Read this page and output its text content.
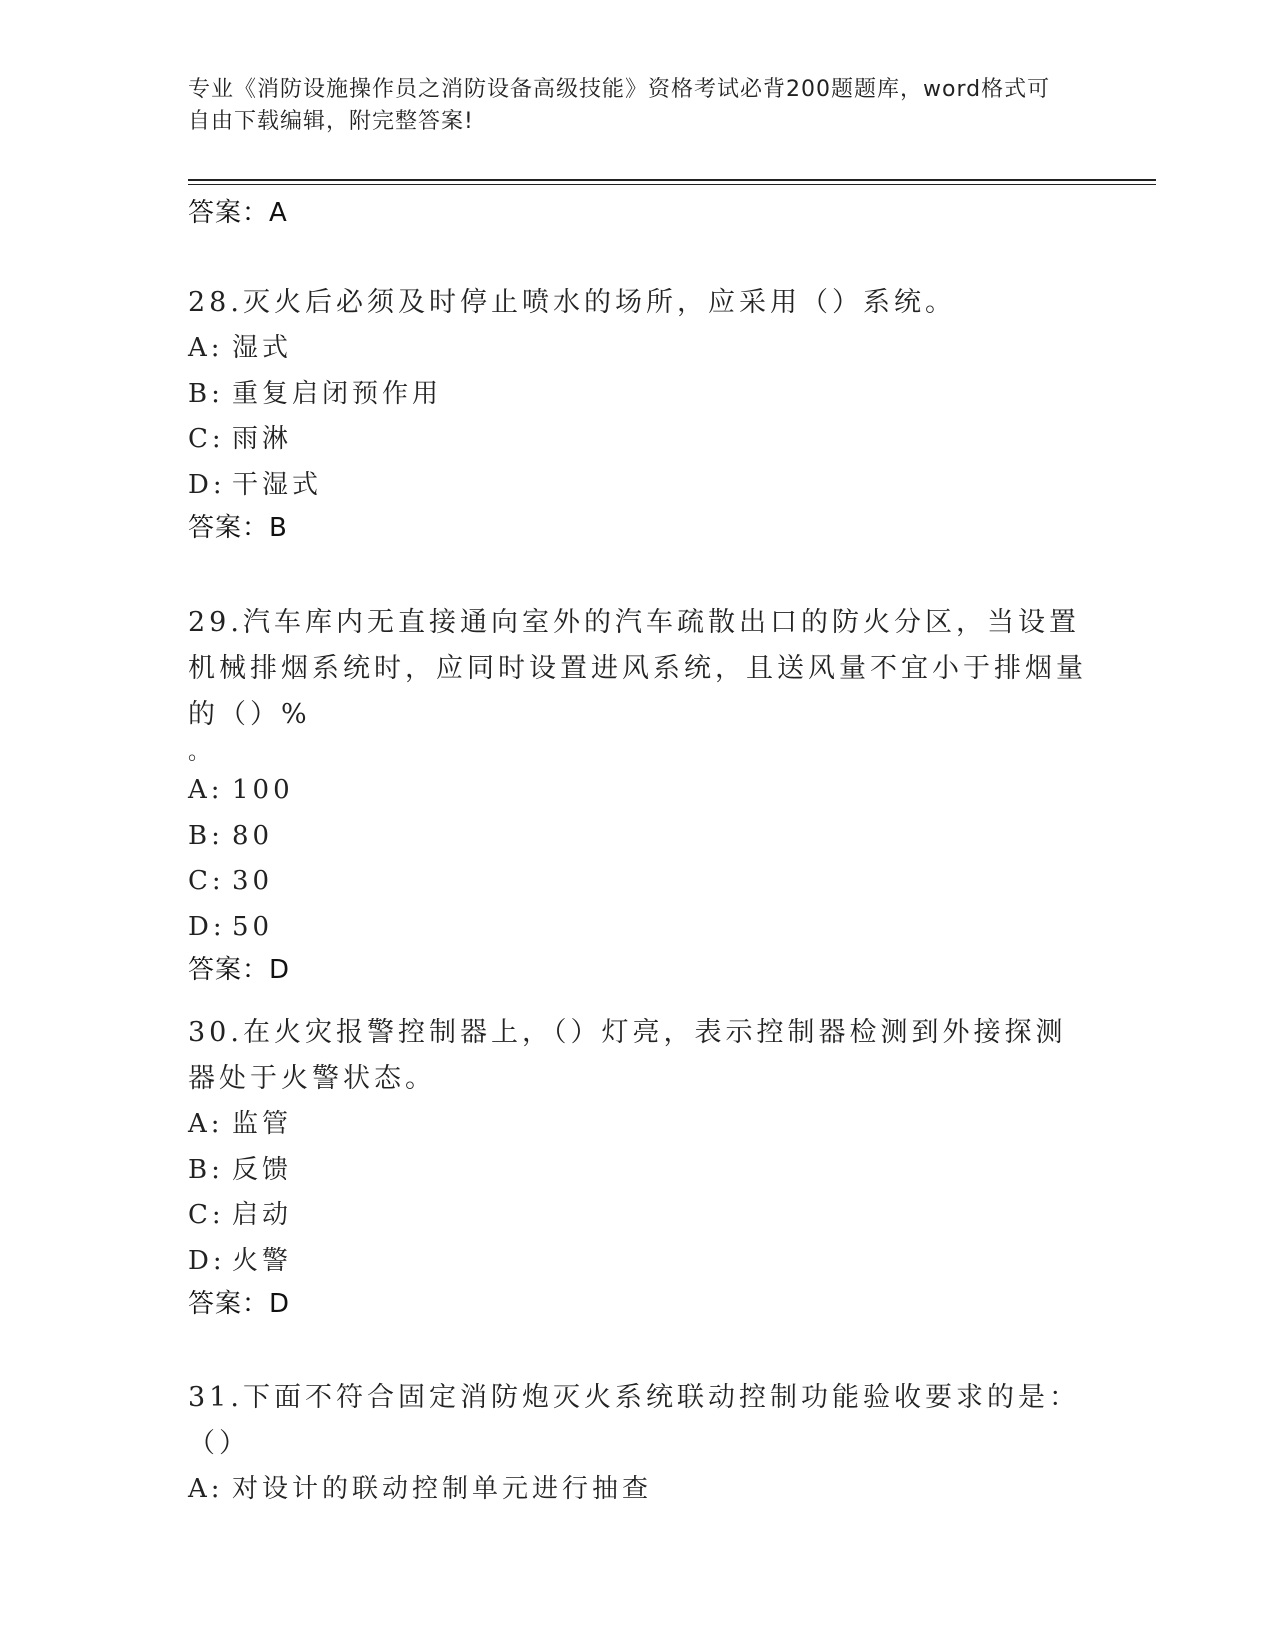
专业《消防设施操作员之消防设备高级技能》资格考试必背200题题库，word格式可自由下载编辑，附完整答案!
答案：A

28.灭火后必须及时停止喷水的场所，应采用（）系统。

A: 湿式
B: 重复启闭预作用
C: 雨淋
D: 干湿式
答案：B

29.汽车库内无直接通向室外的汽车疏散出口的防火分区，当设置机械排烟系统时，应同时设置进风系统，且送风量不宜小于排烟量的（）%

。
A: 100
B: 80
C: 30
D: 50
答案：D

30.在火灾报警控制器上，（）灯亮，表示控制器检测到外接探测器处于火警状态。

A: 监管
B: 反馈
C: 启动
D: 火警
答案：D

31.下面不符合固定消防炮灭火系统联动控制功能验收要求的是：（）

A: 对设计的联动控制单元进行抽查
